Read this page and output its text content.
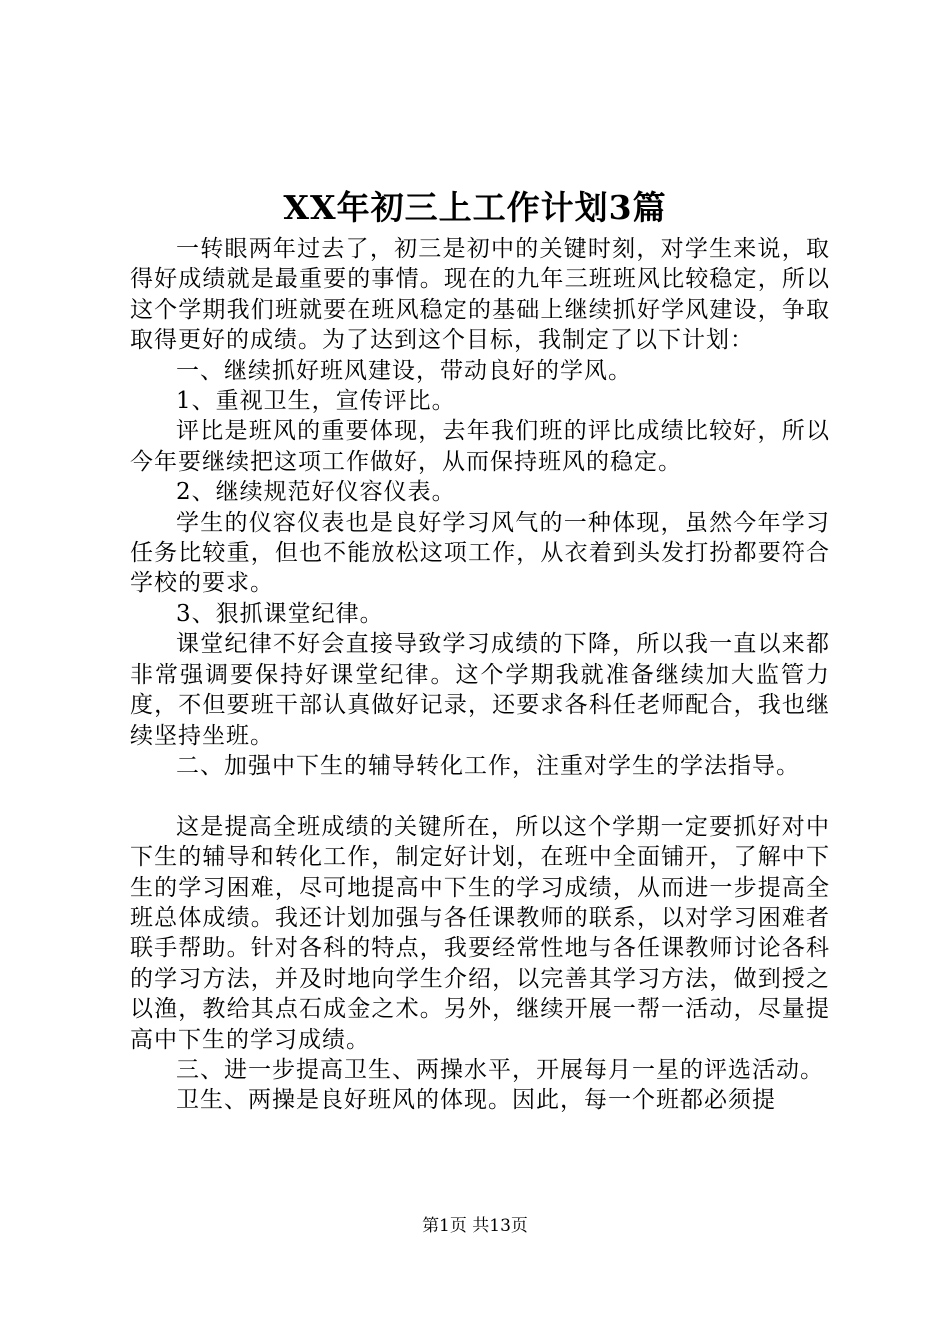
XX年初三上工作计划3篇

一转眼两年过去了，初三是初中的关键时刻，对学生来说，取得好成绩就是最重要的事情。现在的九年三班班风比较稳定，所以这个学期我们班就要在班风稳定的基础上继续抓好学风建设，争取取得更好的成绩。为了达到这个目标，我制定了以下计划：

一、继续抓好班风建设，带动良好的学风。

1、重视卫生，宣传评比。

评比是班风的重要体现，去年我们班的评比成绩比较好，所以今年要继续把这项工作做好，从而保持班风的稳定。

2、继续规范好仪容仪表。

学生的仪容仪表也是良好学习风气的一种体现，虽然今年学习任务比较重，但也不能放松这项工作，从衣着到头发打扮都要符合学校的要求。

3、狠抓课堂纪律。

课堂纪律不好会直接导致学习成绩的下降，所以我一直以来都非常强调要保持好课堂纪律。这个学期我就准备继续加大监管力度，不但要班干部认真做好记录，还要求各科任老师配合，我也继续坚持坐班。

二、加强中下生的辅导转化工作，注重对学生的学法指导。

这是提高全班成绩的关键所在，所以这个学期一定要抓好对中下生的辅导和转化工作，制定好计划，在班中全面铺开，了解中下生的学习困难，尽可地提高中下生的学习成绩，从而进一步提高全班总体成绩。我还计划加强与各任课教师的联系，以对学习困难者联手帮助。针对各科的特点，我要经常性地与各任课教师讨论各科的学习方法，并及时地向学生介绍，以完善其学习方法，做到授之以渔，教给其点石成金之术。另外，继续开展一帮一活动，尽量提高中下生的学习成绩。

三、进一步提高卫生、两操水平，开展每月一星的评选活动。

卫生、两操是良好班风的体现。因此，每一个班都必须提

第1页 共13页
